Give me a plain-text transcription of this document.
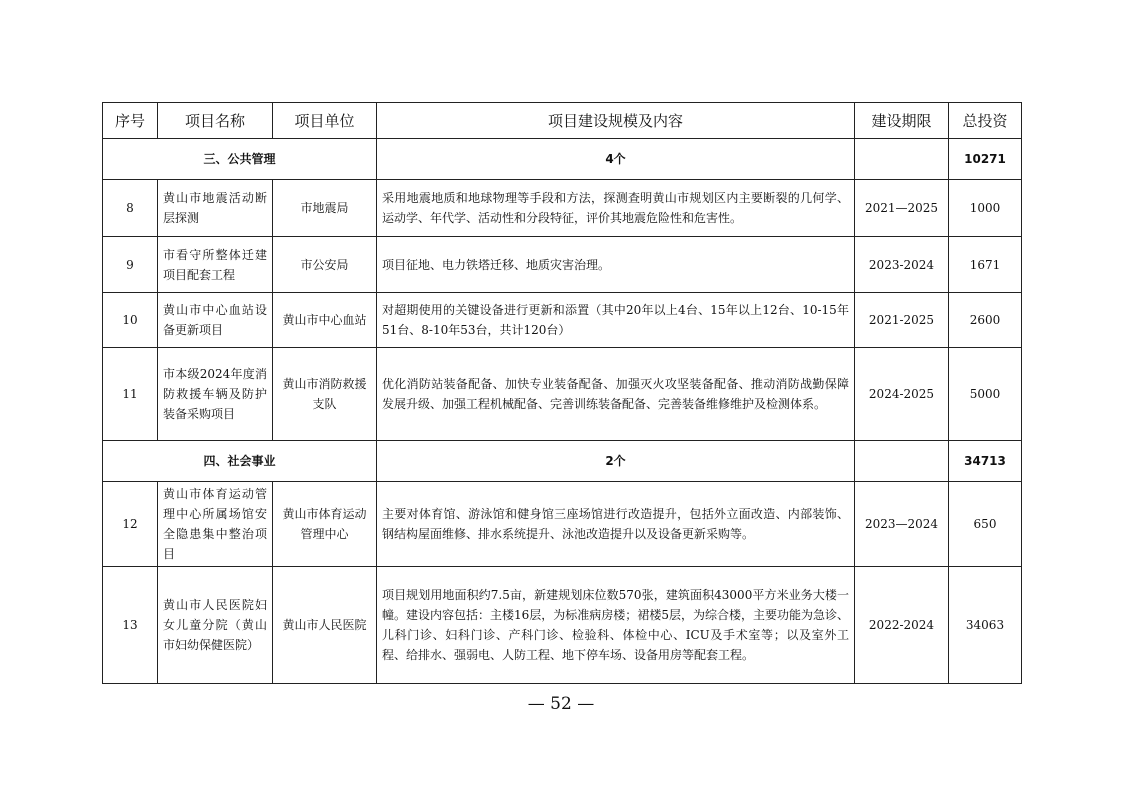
序号	项目名称	项目单位	项目建设规模及内容	建设期限	总投资
三、公共管理			4个		10271
8	黄山市地震活动断层探测	市地震局	采用地震地质和地球物理等手段和方法，探测查明黄山市规划区内主要断裂的几何学、运动学、年代学、活动性和分段特征，评价其地震危险性和危害性。	2021—2025	1000
9	市看守所整体迁建项目配套工程	市公安局	项目征地、电力铁塔迁移、地质灾害治理。	2023-2024	1671
10	黄山市中心血站设备更新项目	黄山市中心血站	对超期使用的关键设备进行更新和添置（其中20年以上4台、15年以上12台、10-15年51台、8-10年53台，共计120台）	2021-2025	2600
11	市本级2024年度消防救援车辆及防护装备采购项目	黄山市消防救援支队	优化消防站装备配备、加快专业装备配备、加强灭火攻坚装备配备、推动消防战勤保障发展升级、加强工程机械配备、完善训练装备配备、完善装备维修维护及检测体系。	2024-2025	5000
四、社会事业			2个		34713
12	黄山市体育运动管理中心所属场馆安全隐患集中整治项目	黄山市体育运动管理中心	主要对体育馆、游泳馆和健身馆三座场馆进行改造提升，包括外立面改造、内部装饰、钢结构屋面维修、排水系统提升、泳池改造提升以及设备更新采购等。	2023—2024	650
13	黄山市人民医院妇女儿童分院（黄山市妇幼保健医院）	黄山市人民医院	项目规划用地面积约7.5亩，新建规划床位数570张，建筑面积43000平方米业务大楼一幢。建设内容包括：主楼16层，为标准病房楼；裙楼5层，为综合楼，主要功能为急诊、儿科门诊、妇科门诊、产科门诊、检验科、体检中心、ICU及手术室等；以及室外工程、给排水、强弱电、人防工程、地下停车场、设备用房等配套工程。	2022-2024	34063
— 52 —
